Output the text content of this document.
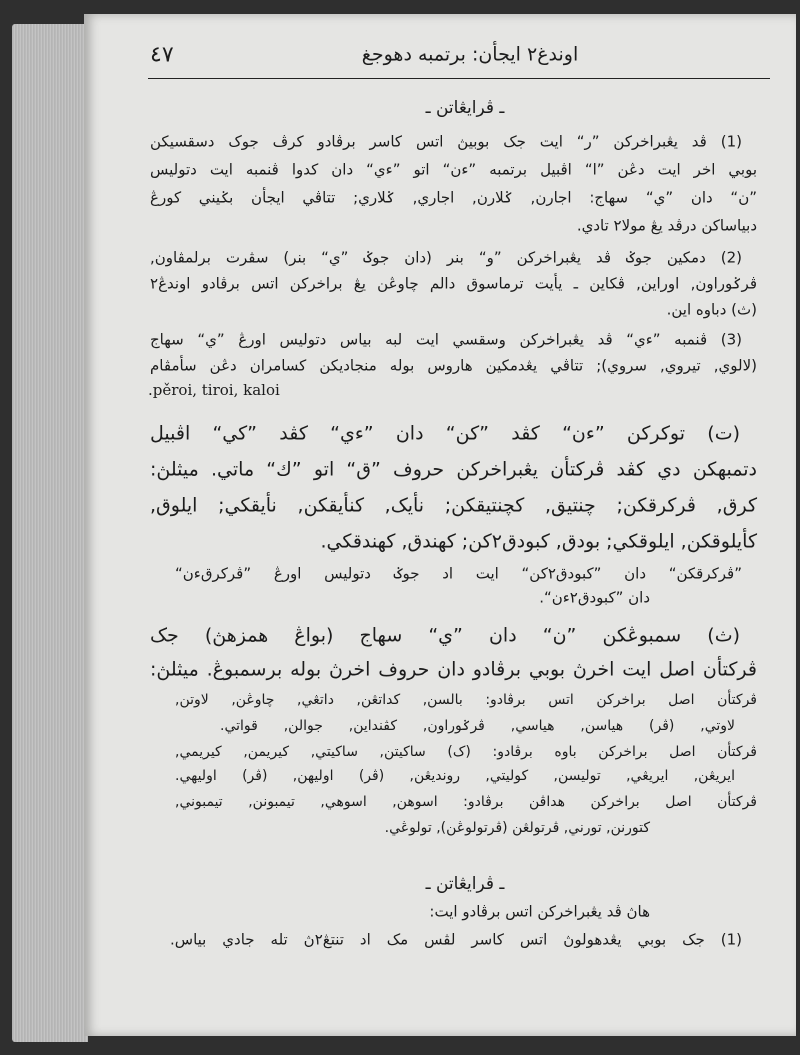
٤٧
.pěroi, tiroi, kaloi
اوندغ٢ ايجأن: برتمبه دهوجغ
ـ ڤرايڠاتن ـ
(1) ڤد يڠبراخرکن ”ر“ ايت جک بوبيڽ اتس کاسر برڤادو کرڤ جوک دسقسيکن
بوبي اخر ايت دڠن ”ا“ اڤبيل برتمبه ”ءن“ اتو ”ءي“ دان کدوا ڤنمبه ايت دتوليس
”ن“ دان ”ي“ سهاج: اجارن, ݢلارن, اجاري, ݢلاري; تتاڤي ايجأن بݢيني کورڠ
دبياساکن درڤد يڠ مولا٢ تادي.
(2) دمکين جوݢ ڤد يڠبراخرکن ”و“ بنر (دان جوݢ ”ي“ بنر) سڤرت برلمڤاون,
ڤرݢوراون, اوراين, ڤکاين ـ يأيت ترماسوق دالم چاوڠن يڠ براخرکن اتس برڤادو اوندڠ٢
(ث) دباوه اين.
(3) ڤنمبه ”ءي“ ڤد يڠبراخرکن وسقسي ايت لبه بياس دتوليس اورڠ ”ي“ سهاج
(لالوي, تيروي, سروي); تتاڤي يڠدمکين هاروس بوله منجاديکن کسامران دڠن سأمڤام
(ت) توکرکن ”ءن“ کڤد ”کن“ دان ”ءي“ کڤد ”کي“ اڤبيل
دتمبهکن دي کڤد ڤرکتأن يڠبراخرکن حروف ”ق“ اتو ”ك“ ماتي. ميثلڽ:
کرق, ڤرکرقکن; چنتيق, کچنتيقکن; نأيک, کنأيقکن, نأيقکي; ايلوق,
کأيلوقکن, ايلوقکي; بودق, کبودق٢کن; کهندق, کهندقکي.
”ڤرکرقکن“ دان ”کبودق٢کن“ ايت اد جوݢ دتوليس اورڠ ”ڤرکرقءن“
دان ”کبودق٢ءن“.
(ث) سمبوڠکن ”ن“ دان ”ي“ سهاج (بواڠ همزهڽ) جک
ڤرکتأن اصل ايت اخرڽ بوبي برڤادو دان حروف اخرڽ بوله برسمبوڠ. ميثلڽ:
ڤرکتأن اصل براخرکن اتس برڤادو: بالسن, کداتڠن, داتڠي, چاوڠن, لاوتن,
لاوتي, (ڤر) هياسن, هياسي, ڤرݢوراون, کڤنداين, جوالن, قواتي.
ڤرکتأن اصل براخرکن باوه برڤادو: (ک) ساکيتن, ساکيتي, کيريمن, کيريمي,
ايريڠن, ايريڠي, توليسن, کوليتي, رونديڠن, (ڤر) اوليهن, (ڤر) اوليهي.
ڤرکتأن اصل براخرکن هداڤن برڤادو: اسوهن, اسوهي, تيمبونن, تيمبوني,
کتورنن, تورني, ڤرتولڠن (ڤرتولوڠن), تولوڠي.
ـ ڤرايڠاتن ـ
هاڽ ڤد يڠبراخرکن اتس برڤادو ايت:
(1) جک بوبي يڠدهولوڽ اتس کاسر لڤس مک اد تنتڠ٢ڽ تله جادي بياس.
